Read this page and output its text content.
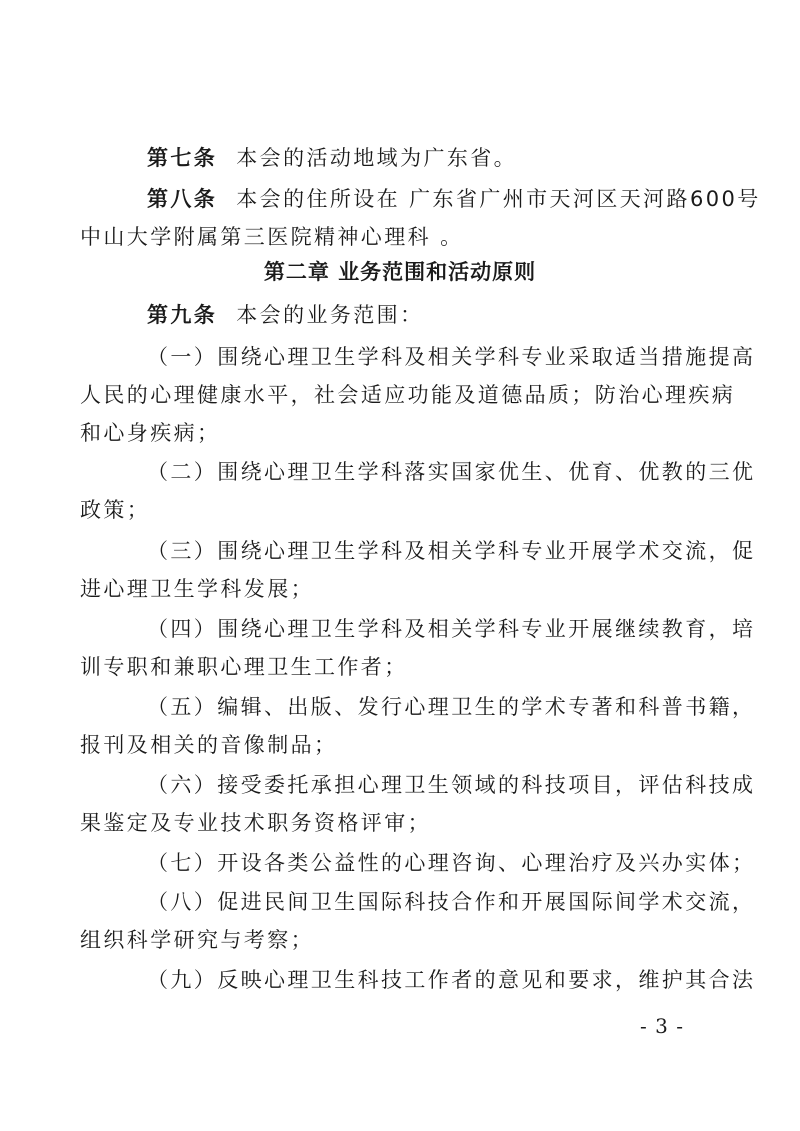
第七条 本会的活动地域为广东省。
第八条 本会的住所设在 广东省广州市天河区天河路600号
中山大学附属第三医院精神心理科 。
第二章 业务范围和活动原则
第九条 本会的业务范围：
（一）围绕心理卫生学科及相关学科专业采取适当措施提高
人民的心理健康水平，社会适应功能及道德品质；防治心理疾病
和心身疾病；
（二）围绕心理卫生学科落实国家优生、优育、优教的三优
政策；
（三）围绕心理卫生学科及相关学科专业开展学术交流，促
进心理卫生学科发展；
（四）围绕心理卫生学科及相关学科专业开展继续教育，培
训专职和兼职心理卫生工作者；
（五）编辑、出版、发行心理卫生的学术专著和科普书籍，
报刊及相关的音像制品；
（六）接受委托承担心理卫生领域的科技项目，评估科技成
果鉴定及专业技术职务资格评审；
（七）开设各类公益性的心理咨询、心理治疗及兴办实体；
（八）促进民间卫生国际科技合作和开展国际间学术交流，
组织科学研究与考察；
（九）反映心理卫生科技工作者的意见和要求，维护其合法
- 3 -
